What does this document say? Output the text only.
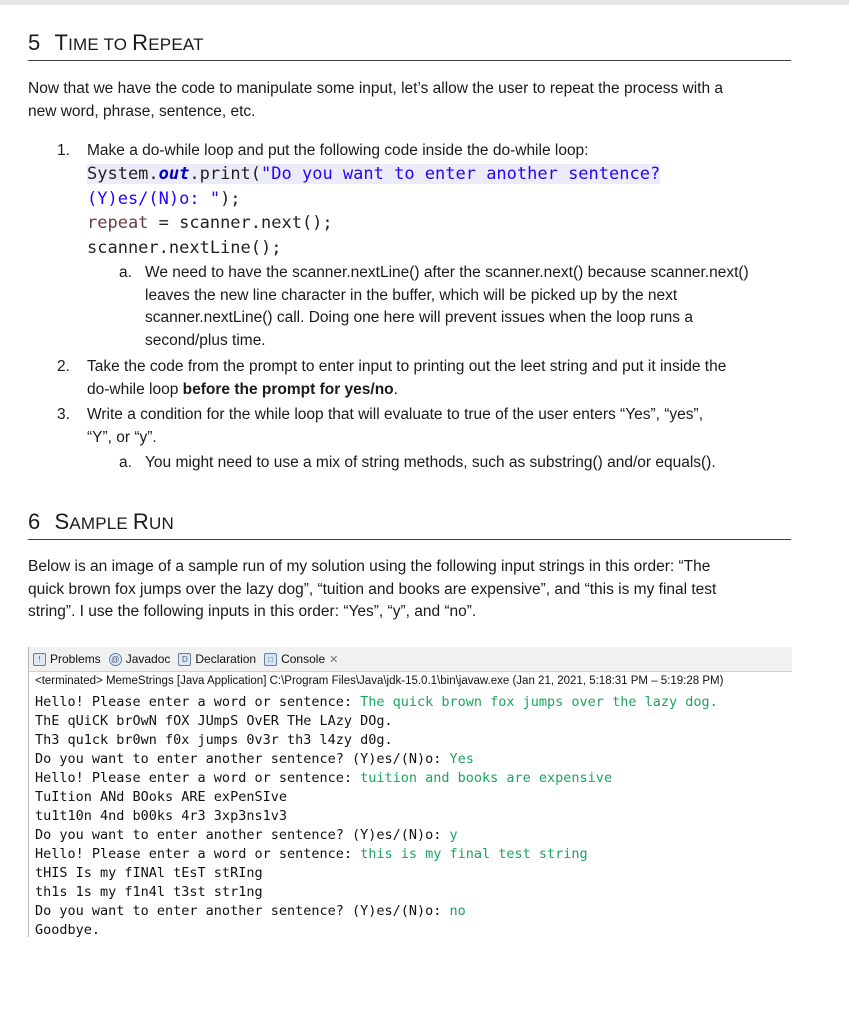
5 TIME TO REPEAT
Now that we have the code to manipulate some input, let’s allow the user to repeat the process with a
new word, phrase, sentence, etc.
1. Make a do-while loop and put the following code inside the do-while loop:
System.out.print("Do you want to enter another sentence?
(Y)es/(N)o: ");
repeat = scanner.next();
scanner.nextLine();
a. We need to have the scanner.nextLine() after the scanner.next() because scanner.next()
leaves the new line character in the buffer, which will be picked up by the next
scanner.nextLine() call. Doing one here will prevent issues when the loop runs a
second/plus time.
2. Take the code from the prompt to enter input to printing out the leet string and put it inside the
do-while loop before the prompt for yes/no.
3. Write a condition for the while loop that will evaluate to true of the user enters “Yes”, “yes”,
“Y”, or “y”.
a. You might need to use a mix of string methods, such as substring() and/or equals().
6 SAMPLE RUN
Below is an image of a sample run of my solution using the following input strings in this order: “The
quick brown fox jumps over the lazy dog”, “tuition and books are expensive”, and “this is my final test
string”. I use the following inputs in this order: “Yes”, “y”, and “no”.
! Problems	@ Javadoc	D Declaration	□ Console ✕
<terminated> MemeStrings [Java Application] C:\Program Files\Java\jdk-15.0.1\bin\javaw.exe (Jan 21, 2021, 5:18:31 PM – 5:19:28 PM)
Hello! Please enter a word or sentence: The quick brown fox jumps over the lazy dog.
ThE qUiCK brOwN fOX JUmpS OvER THe LAzy DOg.
Th3 qu1ck br0wn f0x jumps 0v3r th3 l4zy d0g.
Do you want to enter another sentence? (Y)es/(N)o: Yes
Hello! Please enter a word or sentence: tuition and books are expensive
TuItion ANd BOoks ARE exPenSIve
tu1t10n 4nd b00ks 4r3 3xp3ns1v3
Do you want to enter another sentence? (Y)es/(N)o: y
Hello! Please enter a word or sentence: this is my final test string
tHIS Is my fINAl tEsT stRIng
th1s 1s my f1n4l t3st str1ng
Do you want to enter another sentence? (Y)es/(N)o: no
Goodbye.
